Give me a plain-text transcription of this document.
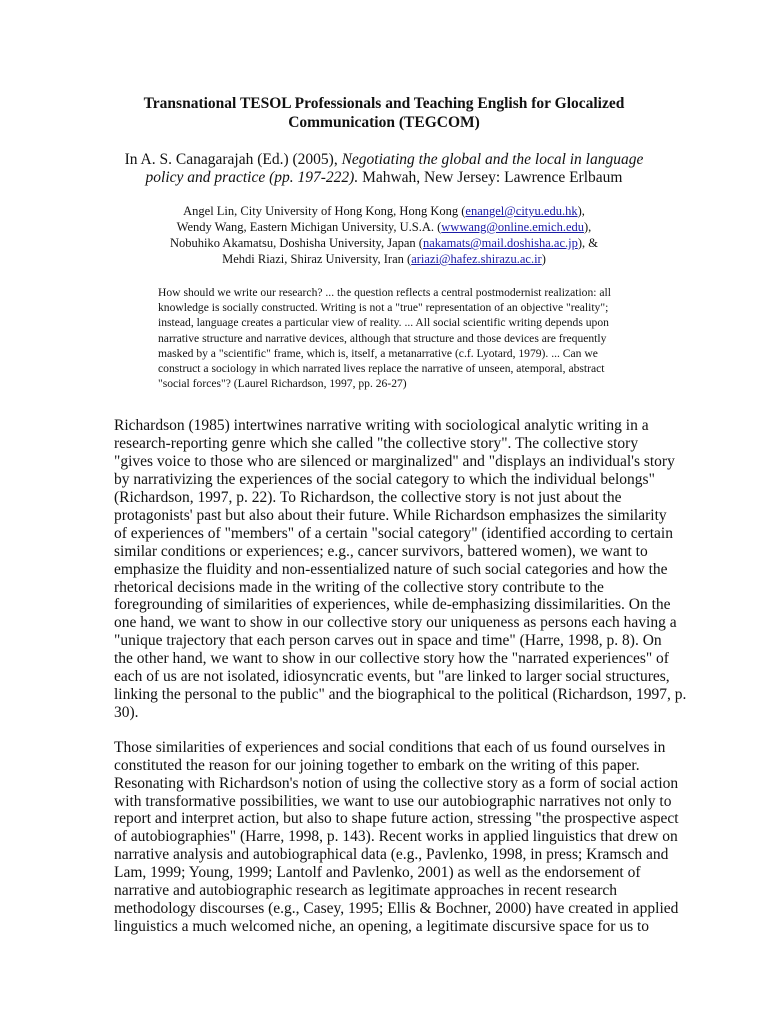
Transnational TESOL Professionals and Teaching English for Glocalized
Communication (TEGCOM)

In A. S. Canagarajah (Ed.) (2005), Negotiating the global and the local in language policy and practice (pp. 197-222). Mahwah, New Jersey: Lawrence Erlbaum

Angel Lin, City University of Hong Kong, Hong Kong (enangel@cityu.edu.hk),
Wendy Wang, Eastern Michigan University, U.S.A. (wwwang@online.emich.edu),
Nobuhiko Akamatsu, Doshisha University, Japan (nakamats@mail.doshisha.ac.jp), &
Mehdi Riazi, Shiraz University, Iran (ariazi@hafez.shirazu.ac.ir)
How should we write our research? ... the question reflects a central postmodernist realization: all
knowledge is socially constructed. Writing is not a "true" representation of an objective "reality";
instead, language creates a particular view of reality. ... All social scientific writing depends upon
narrative structure and narrative devices, although that structure and those devices are frequently
masked by a "scientific" frame, which is, itself, a metanarrative (c.f. Lyotard, 1979). ... Can we
construct a sociology in which narrated lives replace the narrative of unseen, atemporal, abstract
"social forces"? (Laurel Richardson, 1997, pp. 26-27)

Richardson (1985) intertwines narrative writing with sociological analytic writing in a
research-reporting genre which she called "the collective story". The collective story
"gives voice to those who are silenced or marginalized" and "displays an individual's story
by narrativizing the experiences of the social category to which the individual belongs"
(Richardson, 1997, p. 22). To Richardson, the collective story is not just about the
protagonists' past but also about their future. While Richardson emphasizes the similarity
of experiences of "members" of a certain "social category" (identified according to certain
similar conditions or experiences; e.g., cancer survivors, battered women), we want to
emphasize the fluidity and non-essentialized nature of such social categories and how the
rhetorical decisions made in the writing of the collective story contribute to the
foregrounding of similarities of experiences, while de-emphasizing dissimilarities. On the
one hand, we want to show in our collective story our uniqueness as persons each having a
"unique trajectory that each person carves out in space and time" (Harre, 1998, p. 8). On
the other hand, we want to show in our collective story how the "narrated experiences" of
each of us are not isolated, idiosyncratic events, but "are linked to larger social structures,
linking the personal to the public" and the biographical to the political (Richardson, 1997, p.
30).

Those similarities of experiences and social conditions that each of us found ourselves in
constituted the reason for our joining together to embark on the writing of this paper.
Resonating with Richardson's notion of using the collective story as a form of social action
with transformative possibilities, we want to use our autobiographic narratives not only to
report and interpret action, but also to shape future action, stressing "the prospective aspect
of autobiographies" (Harre, 1998, p. 143). Recent works in applied linguistics that drew on
narrative analysis and autobiographical data (e.g., Pavlenko, 1998, in press; Kramsch and
Lam, 1999; Young, 1999; Lantolf and Pavlenko, 2001) as well as the endorsement of
narrative and autobiographic research as legitimate approaches in recent research
methodology discourses (e.g., Casey, 1995; Ellis & Bochner, 2000) have created in applied
linguistics a much welcomed niche, an opening, a legitimate discursive space for us to
